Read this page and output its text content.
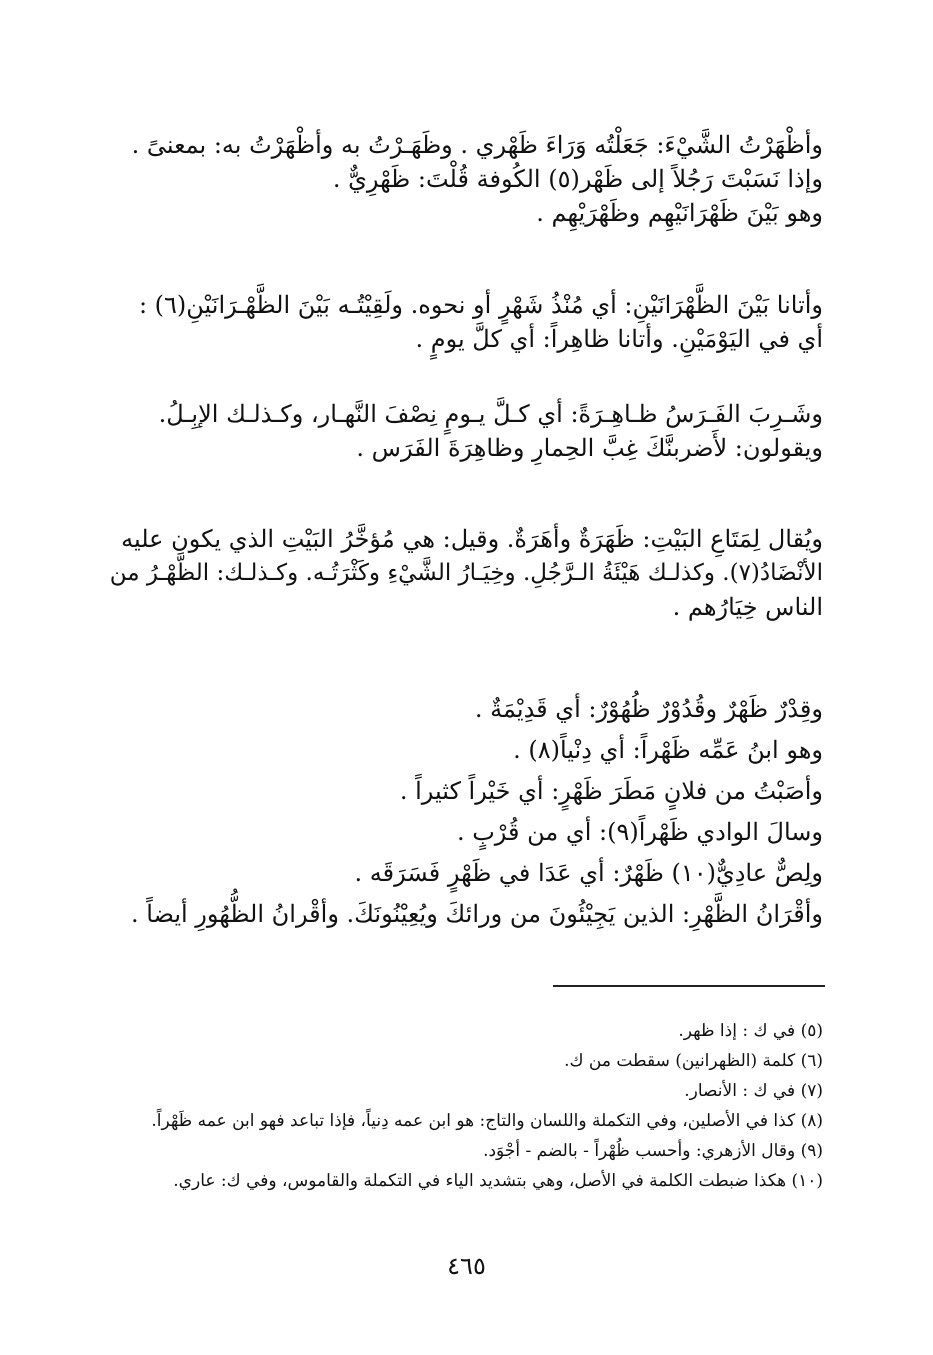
وأظْهَرْتُ الشَّيْءَ: جَعَلْتُه وَرَاءَ ظَهْري . وظَهَـرْتُ به وأظْهَرْتُ به: بمعنىً .
وإذا نَسَبْتَ رَجُلاً إلى ظَهْر(٥) الكُوفة قُلْتَ: ظَهْرِيٌّ .
وهو بَيْنَ ظَهْرَانَيْهِم وظَهْرَيْهِم .
وأتانا بَيْنَ الظَّهْرَانَيْنِ: أي مُنْذُ شَهْرٍ أو نحوه. ولَقِيْتُـه بَيْنَ الظَّهْـرَانَيْنِ(٦) :
أي في اليَوْمَيْنِ. وأتانا ظاهِراً: أي كلَّ يومٍ .
وشَـرِبَ الفَـرَسُ ظـاهِـرَةً: أي كـلَّ يـومٍ نِصْفَ النَّهـار، وكـذلـك الإبِـلُ.
ويقولون: لأَضربنَّكَ غِبَّ الحِمارِ وظاهِرَةَ الفَرَس .
ويُقال لِمَتَاعِ البَيْتِ: ظَهَرَةٌ وأهَرَةٌ. وقيل: هي مُؤخَّرُ البَيْتِ الذي يكون عليه
الأنْضَادُ(٧). وكذلـك هَيْئَةُ الـرَّجُلِ. وخِيَـارُ الشَّيْءِ وكَثْرَتُـه. وكـذلـك: الظَّهْـرُ من
الناس خِيَارُهم .
وقِدْرٌ ظَهْرٌ وقُدُوْرٌ ظُهُوْرٌ: أي قَدِيْمَةٌ .
وهو ابنُ عَمِّه ظَهْراً: أي دِنْياً(٨) .
وأصَبْتُ من فلانٍ مَطَرَ ظَهْرٍ: أي خَيْراً كثيراً .
وسالَ الوادي ظَهْراً(٩): أي من قُرْبٍ .
ولِصٌّ عادِيٌّ(١٠) ظَهْرٌ: أي عَدَا في ظَهْرٍ فَسَرَقَه .
وأقْرَانُ الظَّهْرِ: الذين يَجِيْئُونَ من ورائكَ ويُعِيْنُونَكَ. وأقْرانُ الظُّهُورِ أيضاً .
(٥) في ك : إذا ظهر.
(٦) كلمة (الظهرانين) سقطت من ك.
(٧) في ك : الأنصار.
(٨) كذا في الأصلين، وفي التكملة واللسان والتاج: هو ابن عمه دِنياً، فإذا تباعد فهو ابن عمه ظَهْراً.
(٩) وقال الأزهري: وأحسب ظُهْراً - بالضم - أجْوَد.
(١٠) هكذا ضبطت الكلمة في الأصل، وهي بتشديد الياء في التكملة والقاموس، وفي ك: عاري.
٤٦٥
